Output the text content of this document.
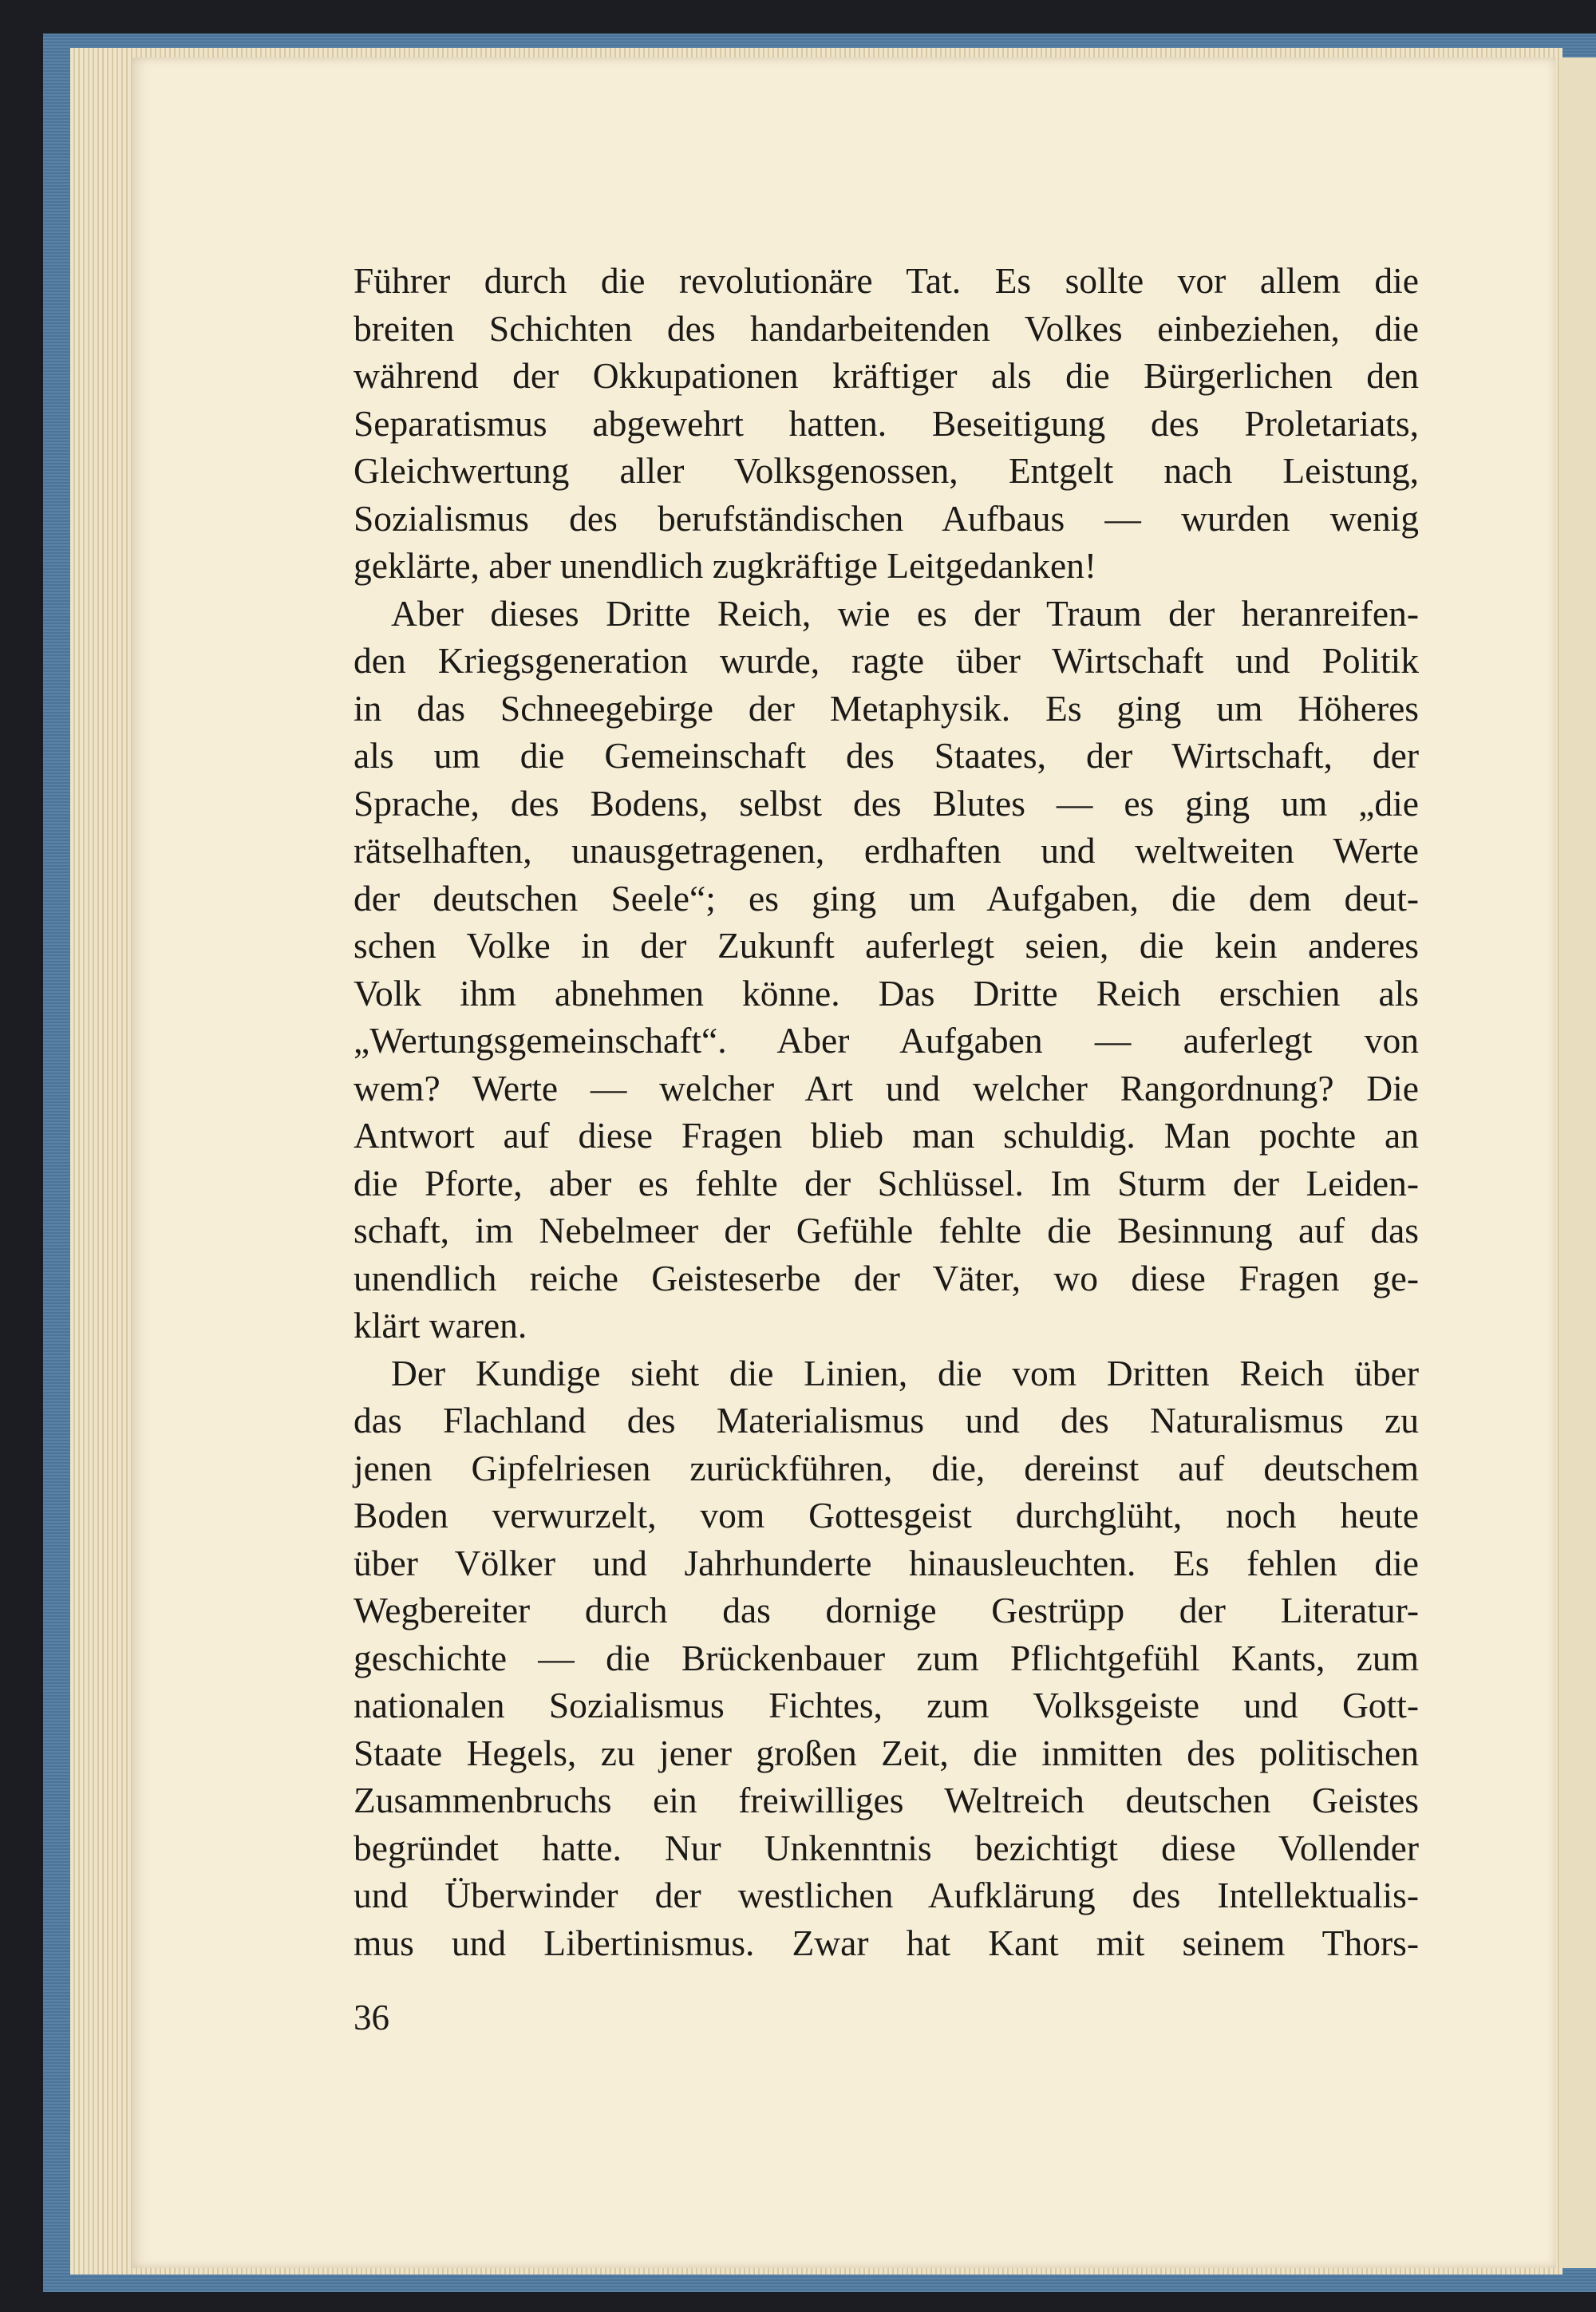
Führer durch die revolutionäre Tat. Es sollte vor allem die
breiten Schichten des handarbeitenden Volkes einbeziehen, die
während der Okkupationen kräftiger als die Bürgerlichen den
Separatismus abgewehrt hatten. Beseitigung des Proletariats,
Gleichwertung aller Volksgenossen, Entgelt nach Leistung,
Sozialismus des berufständischen Aufbaus — wurden wenig
geklärte, aber unendlich zugkräftige Leitgedanken!
Aber dieses Dritte Reich, wie es der Traum der heranreifen-
den Kriegsgeneration wurde, ragte über Wirtschaft und Politik
in das Schneegebirge der Metaphysik. Es ging um Höheres
als um die Gemeinschaft des Staates, der Wirtschaft, der
Sprache, des Bodens, selbst des Blutes — es ging um „die
rätselhaften, unausgetragenen, erdhaften und weltweiten Werte
der deutschen Seele“; es ging um Aufgaben, die dem deut-
schen Volke in der Zukunft auferlegt seien, die kein anderes
Volk ihm abnehmen könne. Das Dritte Reich erschien als
„Wertungsgemeinschaft“. Aber Aufgaben — auferlegt von
wem? Werte — welcher Art und welcher Rangordnung? Die
Antwort auf diese Fragen blieb man schuldig. Man pochte an
die Pforte, aber es fehlte der Schlüssel. Im Sturm der Leiden-
schaft, im Nebelmeer der Gefühle fehlte die Besinnung auf das
unendlich reiche Geisteserbe der Väter, wo diese Fragen ge-
klärt waren.
Der Kundige sieht die Linien, die vom Dritten Reich über
das Flachland des Materialismus und des Naturalismus zu
jenen Gipfelriesen zurückführen, die, dereinst auf deutschem
Boden verwurzelt, vom Gottesgeist durchglüht, noch heute
über Völker und Jahrhunderte hinausleuchten. Es fehlen die
Wegbereiter durch das dornige Gestrüpp der Literatur-
geschichte — die Brückenbauer zum Pflichtgefühl Kants, zum
nationalen Sozialismus Fichtes, zum Volksgeiste und Gott-
Staate Hegels, zu jener großen Zeit, die inmitten des politischen
Zusammenbruchs ein freiwilliges Weltreich deutschen Geistes
begründet hatte. Nur Unkenntnis bezichtigt diese Vollender
und Überwinder der westlichen Aufklärung des Intellektualis-
mus und Libertinismus. Zwar hat Kant mit seinem Thors-
36
